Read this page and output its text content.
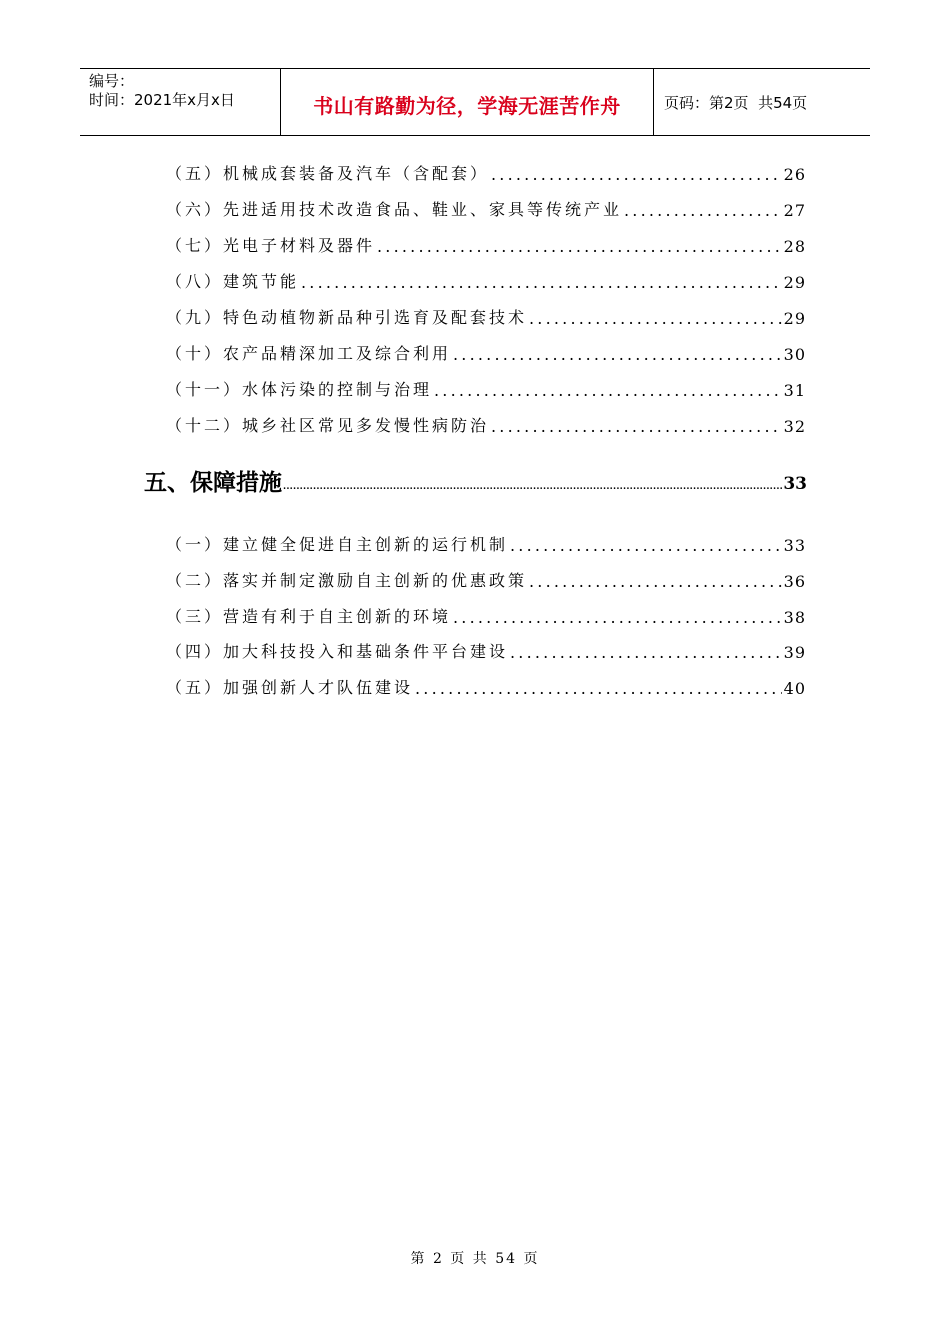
编号：
时间：2021年x月x日	书山有路勤为径，学海无涯苦作舟	页码：第2页  共54页
（五）机械成套装备及汽车（含配套） .....	26
（六）先进适用技术改造食品、鞋业、家具等传统产业 .....	27
（七）光电子材料及器件 .....	28
（八）建筑节能 .....	29
（九）特色动植物新品种引选育及配套技术 .....	29
（十）农产品精深加工及综合利用 .....	30
（十一）水体污染的控制与治理 .....	31
（十二）城乡社区常见多发慢性病防治 .....	32
五、保障措施 .....	33
（一）建立健全促进自主创新的运行机制 .....	33
（二）落实并制定激励自主创新的优惠政策 .....	36
（三）营造有利于自主创新的环境 .....	38
（四）加大科技投入和基础条件平台建设 .....	39
（五）加强创新人才队伍建设 .....	40
第 2 页 共 54 页
